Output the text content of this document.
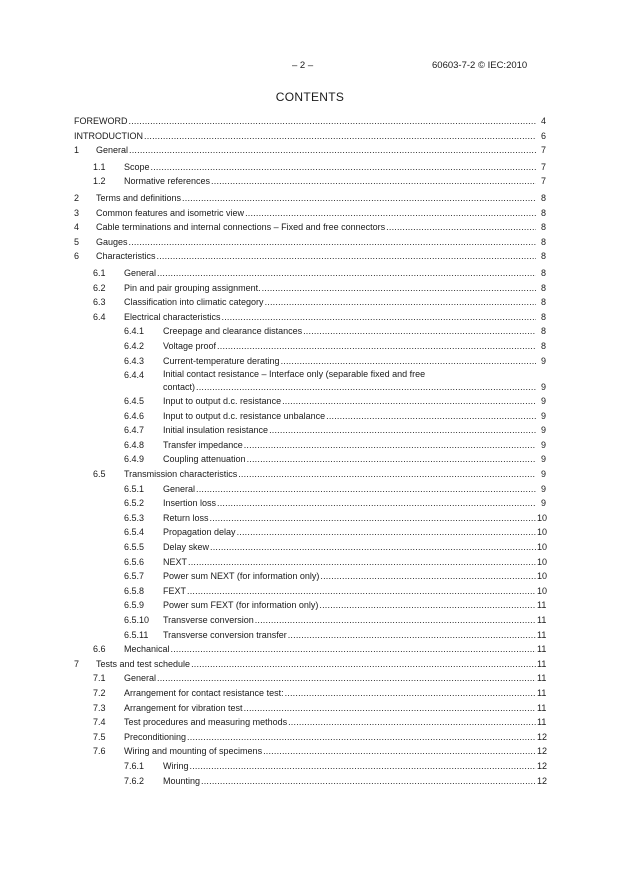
– 2 –	60603-7-2 © IEC:2010
CONTENTS
FOREWORD .....	4
INTRODUCTION .....	6
1 General .....	7
1.1 Scope .....	7
1.2 Normative references .....	7
2 Terms and definitions .....	8
3 Common features and isometric view .....	8
4 Cable terminations and internal connections – Fixed and free connectors .....	8
5 Gauges .....	8
6 Characteristics .....	8
6.1 General .....	8
6.2 Pin and pair grouping assignment. .....	8
6.3 Classification into climatic category .....	8
6.4 Electrical characteristics .....	8
6.4.1 Creepage and clearance distances .....	8
6.4.2 Voltage proof .....	8
6.4.3 Current-temperature derating .....	9
6.4.4 Initial contact resistance – Interface only (separable fixed and free
contact) .....	9
6.4.5 Input to output d.c. resistance .....	9
6.4.6 Input to output d.c. resistance unbalance .....	9
6.4.7 Initial insulation resistance .....	9
6.4.8 Transfer impedance .....	9
6.4.9 Coupling attenuation .....	9
6.5 Transmission characteristics .....	9
6.5.1 General .....	9
6.5.2 Insertion loss .....	9
6.5.3 Return loss .....	10
6.5.4 Propagation delay .....	10
6.5.5 Delay skew .....	10
6.5.6 NEXT .....	10
6.5.7 Power sum NEXT (for information only) .....	10
6.5.8 FEXT .....	10
6.5.9 Power sum FEXT (for information only) .....	11
6.5.10 Transverse conversion .....	11
6.5.11 Transverse conversion transfer .....	11
6.6 Mechanical .....	11
7 Tests and test schedule .....	11
7.1 General .....	11
7.2 Arrangement for contact resistance test: .....	11
7.3 Arrangement for vibration test .....	11
7.4 Test procedures and measuring methods .....	11
7.5 Preconditioning .....	12
7.6 Wiring and mounting of specimens .....	12
7.6.1 Wiring .....	12
7.6.2 Mounting .....	12
